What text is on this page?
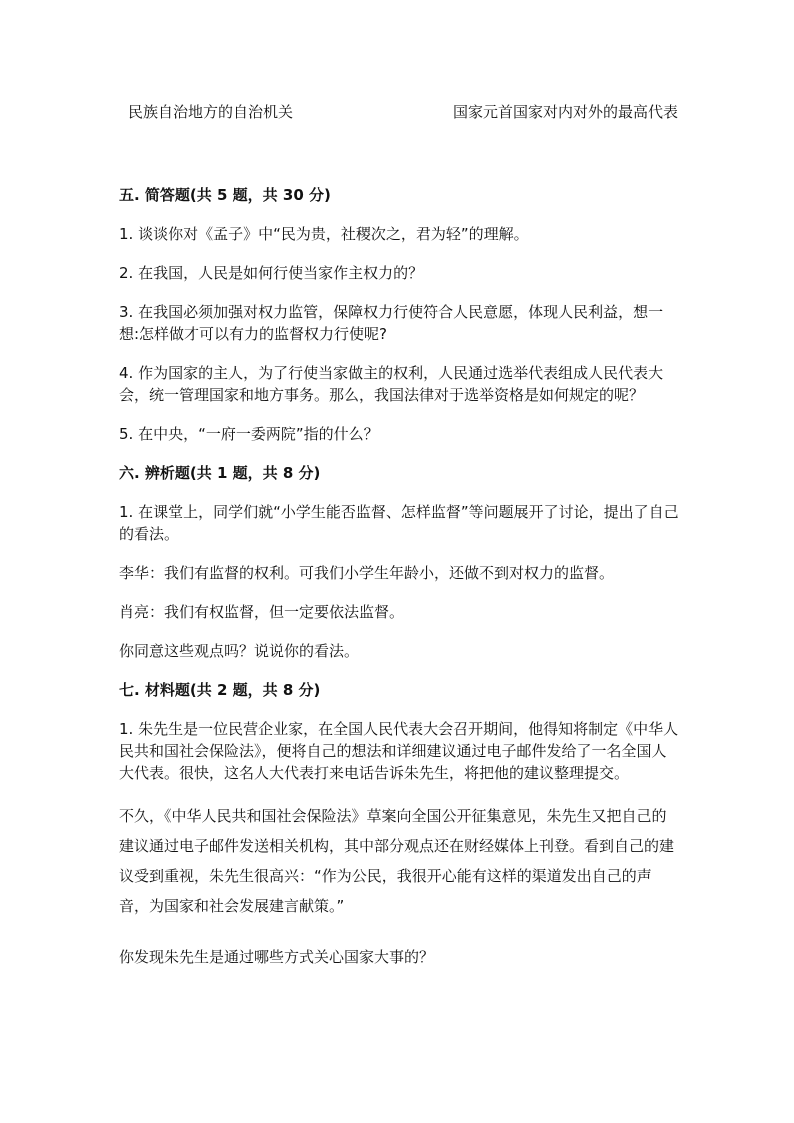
民族自治地方的自治机关	国家元首国家对内对外的最高代表

五. 简答题(共 5 题，共 30 分)

1. 谈谈你对《孟子》中“民为贵，社稷次之，君为轻”的理解。

2. 在我国，人民是如何行使当家作主权力的？

3. 在我国必须加强对权力监管，保障权力行使符合人民意愿，体现人民利益，想一想:怎样做才可以有力的监督权力行使呢?

4. 作为国家的主人，为了行使当家做主的权利，人民通过选举代表组成人民代表大会，统一管理国家和地方事务。那么，我国法律对于选举资格是如何规定的呢？

5. 在中央，“一府一委两院”指的什么？

六. 辨析题(共 1 题，共 8 分)

1. 在课堂上，同学们就“小学生能否监督、怎样监督”等问题展开了讨论，提出了自己的看法。

李华：我们有监督的权利。可我们小学生年龄小，还做不到对权力的监督。

肖亮：我们有权监督，但一定要依法监督。

你同意这些观点吗？说说你的看法。

七. 材料题(共 2 题，共 8 分)

1. 朱先生是一位民营企业家，在全国人民代表大会召开期间，他得知将制定《中华人民共和国社会保险法》，便将自己的想法和详细建议通过电子邮件发给了一名全国人大代表。很快，这名人大代表打来电话告诉朱先生，将把他的建议整理提交。

不久，《中华人民共和国社会保险法》草案向全国公开征集意见，朱先生又把自己的建议通过电子邮件发送相关机构，其中部分观点还在财经媒体上刊登。看到自己的建议受到重视，朱先生很高兴：“作为公民，我很开心能有这样的渠道发出自己的声音，为国家和社会发展建言献策。”

你发现朱先生是通过哪些方式关心国家大事的？
